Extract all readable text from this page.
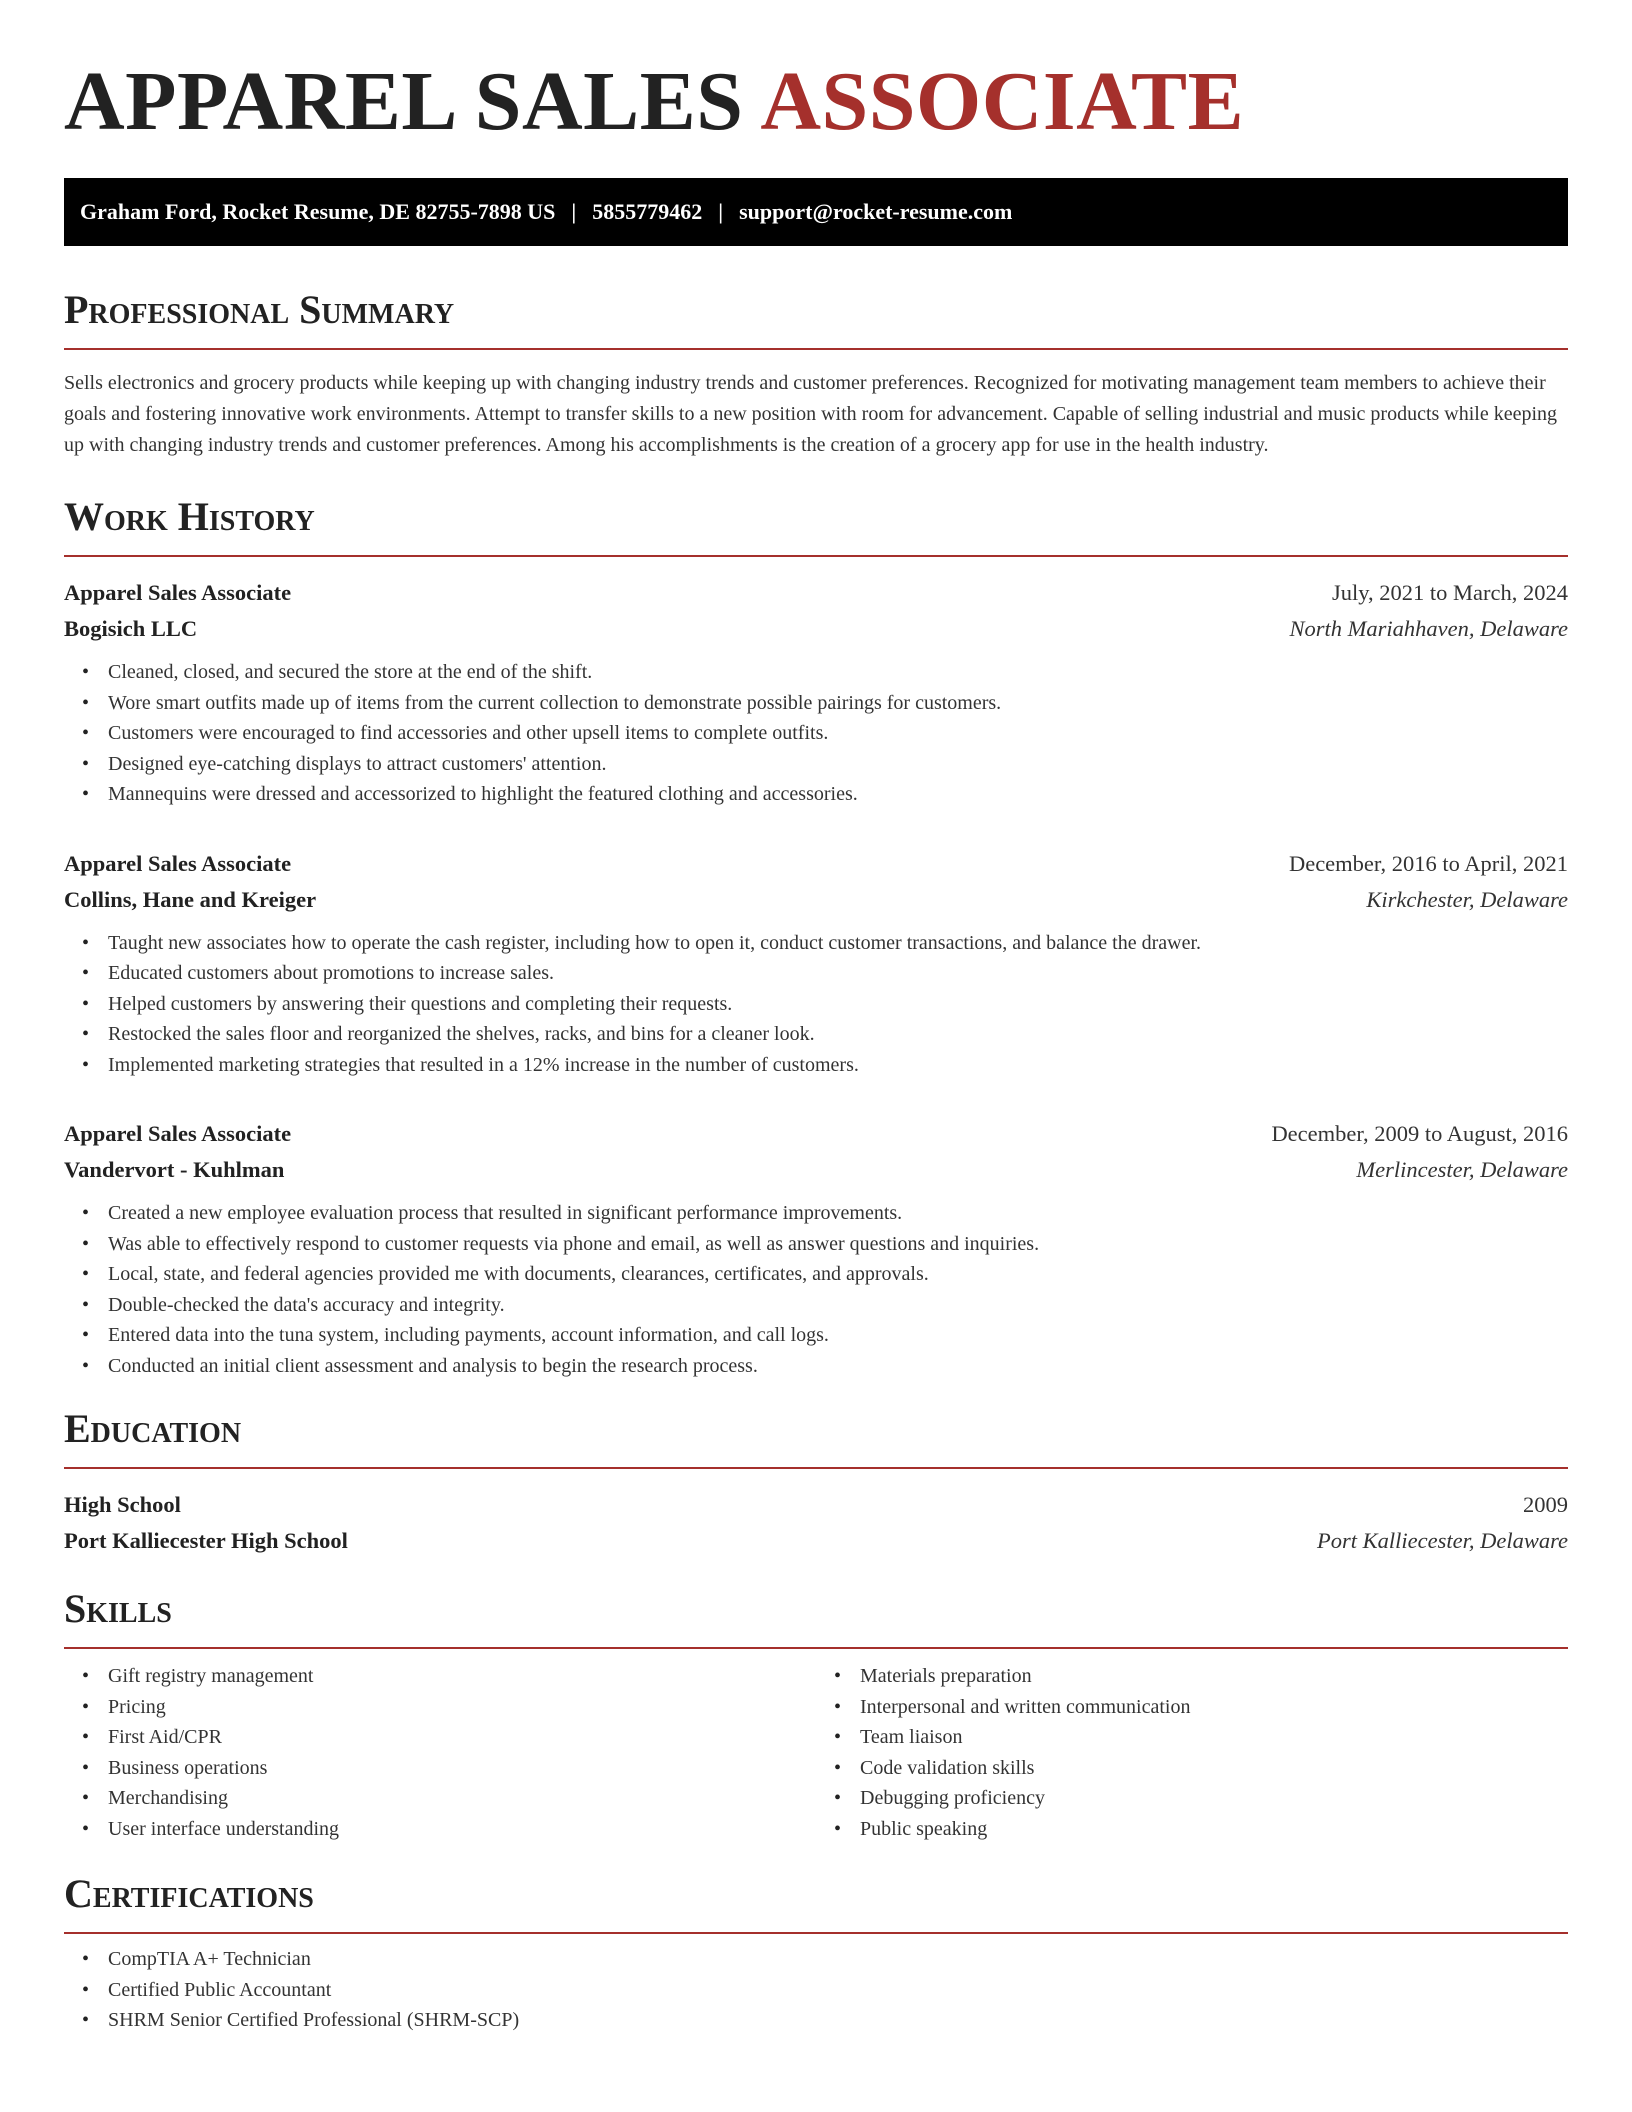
APPAREL SALES ASSOCIATE
Graham Ford, Rocket Resume, DE 82755-7898 US | 5855779462 | support@rocket-resume.com
Professional Summary

Sells electronics and grocery products while keeping up with changing industry trends and customer preferences. Recognized for motivating management team members to achieve their goals and fostering innovative work environments. Attempt to transfer skills to a new position with room for advancement. Capable of selling industrial and music products while keeping up with changing industry trends and customer preferences. Among his accomplishments is the creation of a grocery app for use in the health industry.

Work History
Apparel Sales Associate	July, 2021 to March, 2024
Bogisich LLC	North Mariahhaven, Delaware
• Cleaned, closed, and secured the store at the end of the shift.
• Wore smart outfits made up of items from the current collection to demonstrate possible pairings for customers.
• Customers were encouraged to find accessories and other upsell items to complete outfits.
• Designed eye-catching displays to attract customers' attention.
• Mannequins were dressed and accessorized to highlight the featured clothing and accessories.
Apparel Sales Associate	December, 2016 to April, 2021
Collins, Hane and Kreiger	Kirkchester, Delaware
• Taught new associates how to operate the cash register, including how to open it, conduct customer transactions, and balance the drawer.
• Educated customers about promotions to increase sales.
• Helped customers by answering their questions and completing their requests.
• Restocked the sales floor and reorganized the shelves, racks, and bins for a cleaner look.
• Implemented marketing strategies that resulted in a 12% increase in the number of customers.
Apparel Sales Associate	December, 2009 to August, 2016
Vandervort - Kuhlman	Merlincester, Delaware
• Created a new employee evaluation process that resulted in significant performance improvements.
• Was able to effectively respond to customer requests via phone and email, as well as answer questions and inquiries.
• Local, state, and federal agencies provided me with documents, clearances, certificates, and approvals.
• Double-checked the data's accuracy and integrity.
• Entered data into the tuna system, including payments, account information, and call logs.
• Conducted an initial client assessment and analysis to begin the research process.
Education
High School	2009
Port Kalliecester High School	Port Kalliecester, Delaware
Skills
• Gift registry management
• Pricing
• First Aid/CPR
• Business operations
• Merchandising
• User interface understanding
• Materials preparation
• Interpersonal and written communication
• Team liaison
• Code validation skills
• Debugging proficiency
• Public speaking
Certifications
• CompTIA A+ Technician
• Certified Public Accountant
• SHRM Senior Certified Professional (SHRM-SCP)
